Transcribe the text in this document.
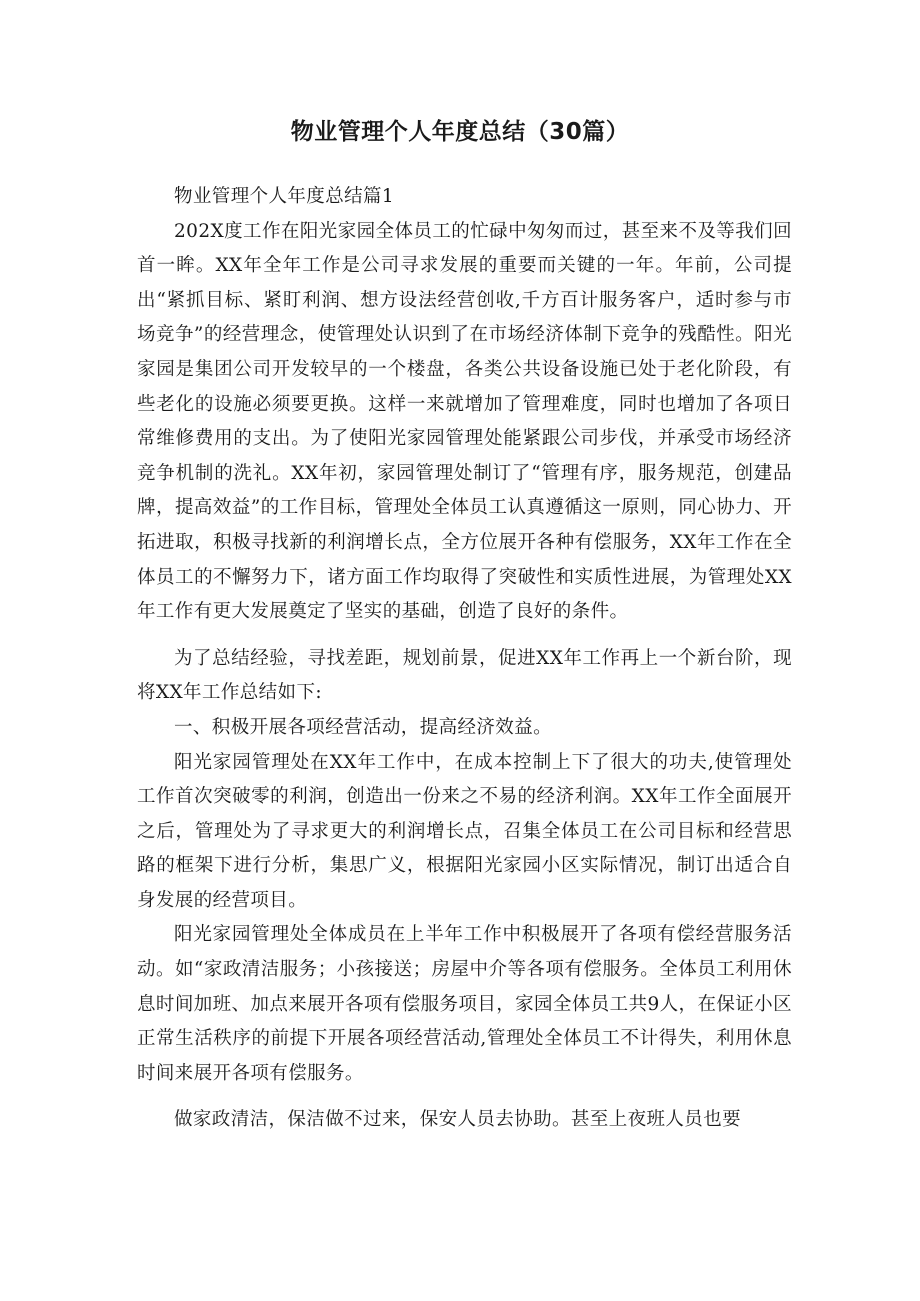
物业管理个人年度总结（30篇）

物业管理个人年度总结篇1

202X度工作在阳光家园全体员工的忙碌中匆匆而过，甚至来不及等我们回首一眸。XX年全年工作是公司寻求发展的重要而关键的一年。年前，公司提出“紧抓目标、紧盯利润、想方设法经营创收,千方百计服务客户，适时参与市场竞争”的经营理念，使管理处认识到了在市场经济体制下竞争的残酷性。阳光家园是集团公司开发较早的一个楼盘，各类公共设备设施已处于老化阶段，有些老化的设施必须要更换。这样一来就增加了管理难度，同时也增加了各项日常维修费用的支出。为了使阳光家园管理处能紧跟公司步伐，并承受市场经济竞争机制的洗礼。XX年初，家园管理处制订了“管理有序，服务规范，创建品牌，提高效益”的工作目标，管理处全体员工认真遵循这一原则，同心协力、开拓进取，积极寻找新的利润增长点，全方位展开各种有偿服务，XX年工作在全体员工的不懈努力下，诸方面工作均取得了突破性和实质性进展，为管理处XX年工作有更大发展奠定了坚实的基础，创造了良好的条件。

为了总结经验，寻找差距，规划前景，促进XX年工作再上一个新台阶，现将XX年工作总结如下:

一、积极开展各项经营活动，提高经济效益。

阳光家园管理处在XX年工作中，在成本控制上下了很大的功夫,使管理处工作首次突破零的利润，创造出一份来之不易的经济利润。XX年工作全面展开之后，管理处为了寻求更大的利润增长点，召集全体员工在公司目标和经营思路的框架下进行分析，集思广义，根据阳光家园小区实际情况，制订出适合自身发展的经营项目。

阳光家园管理处全体成员在上半年工作中积极展开了各项有偿经营服务活动。如“家政清洁服务；小孩接送；房屋中介等各项有偿服务。全体员工利用休息时间加班、加点来展开各项有偿服务项目，家园全体员工共9人，在保证小区正常生活秩序的前提下开展各项经营活动,管理处全体员工不计得失，利用休息时间来展开各项有偿服务。

做家政清洁，保洁做不过来，保安人员去协助。甚至上夜班人员也要
